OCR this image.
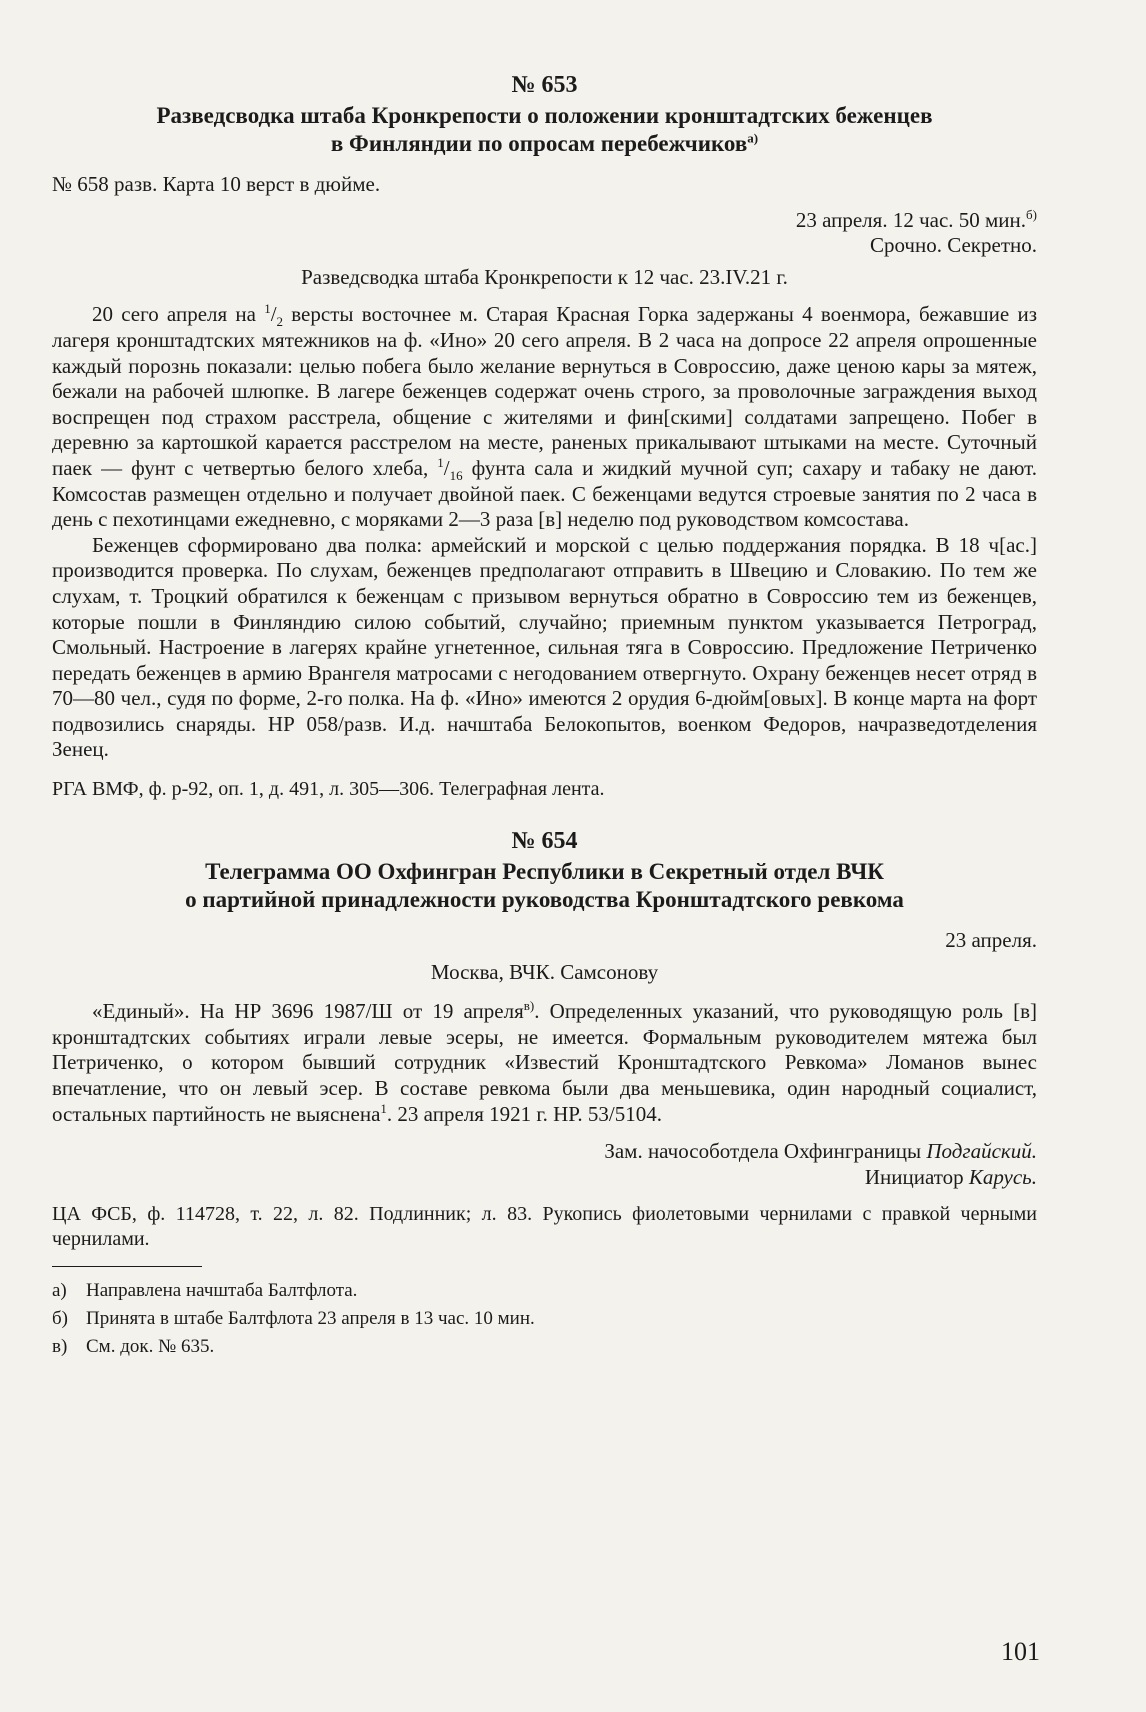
№ 653
Разведсводка штаба Кронкрепости о положении кронштадтских беженцев
в Финляндии по опросам перебежчиков$^{а)}$

№ 658 разв. Карта 10 верст в дюйме.

23 апреля. 12 час. 50 мин.$^{б)}$

Срочно. Секретно.

Разведсводка штаба Кронкрепости к 12 час. 23.IV.21 г.

20 сего апреля на $^1/_2$ версты восточнее м. Старая Красная Горка задержаны 4 военмора, бежавшие из лагеря кронштадтских мятежников на ф. «Ино» 20 сего апреля. В 2 часа на допросе 22 апреля опрошенные каждый порознь показали: целью побега было желание вернуться в Совроссию, даже ценою кары за мятеж, бежали на рабочей шлюпке. В лагере беженцев содержат очень строго, за проволочные заграждения выход воспрещен под страхом расстрела, общение с жителями и фин[скими] солдатами запрещено. Побег в деревню за картошкой карается расстрелом на месте, раненых прикалывают штыками на месте. Суточный паек — фунт с четвертью белого хлеба, $^1/_{16}$ фунта сала и жидкий мучной суп; сахару и табаку не дают. Комсостав размещен отдельно и получает двойной паек. С беженцами ведутся строевые занятия по 2 часа в день с пехотинцами ежедневно, с моряками 2—3 раза [в] неделю под руководством комсостава.

Беженцев сформировано два полка: армейский и морской с целью поддержания порядка. В 18 ч[ас.] производится проверка. По слухам, беженцев предполагают отправить в Швецию и Словакию. По тем же слухам, т. Троцкий обратился к беженцам с призывом вернуться обратно в Совроссию тем из беженцев, которые пошли в Финляндию силою событий, случайно; приемным пунктом указывается Петроград, Смольный. Настроение в лагерях крайне угнетенное, сильная тяга в Совроссию. Предложение Петриченко передать беженцев в армию Врангеля матросами с негодованием отвергнуто. Охрану беженцев несет отряд в 70—80 чел., судя по форме, 2-го полка. На ф. «Ино» имеются 2 орудия 6-дюйм[овых]. В конце марта на форт подвозились снаряды. НР 058/разв. И.д. начштаба Белокопытов, военком Федоров, начразведотделения Зенец.

РГА ВМФ, ф. р-92, оп. 1, д. 491, л. 305—306. Телеграфная лента.

№ 654
Телеграмма ОО Охфингран Республики в Секретный отдел ВЧК
о партийной принадлежности руководства Кронштадтского ревкома

23 апреля.

Москва, ВЧК. Самсонову

«Единый». На НР 3696 1987/Ш от 19 апреля$^{в)}$. Определенных указаний, что руководящую роль [в] кронштадтских событиях играли левые эсеры, не имеется. Формальным руководителем мятежа был Петриченко, о котором бывший сотрудник «Известий Кронштадтского Ревкома» Ломанов вынес впечатление, что он левый эсер. В составе ревкома были два меньшевика, один народный социалист, остальных партийность не выяснена$^1$. 23 апреля 1921 г. НР. 53/5104.

Зам. начособотдела Охфинграницы Подгайский.

Инициатор Карусь.

ЦА ФСБ, ф. 114728, т. 22, л. 82. Подлинник; л. 83. Рукопись фиолетовыми чернилами с правкой черными чернилами.

а)	Направлена начштаба Балтфлота.
б) Принята в штабе Балтфлота 23 апреля в 13 час. 10 мин.
в) См. док. № 635.
101
